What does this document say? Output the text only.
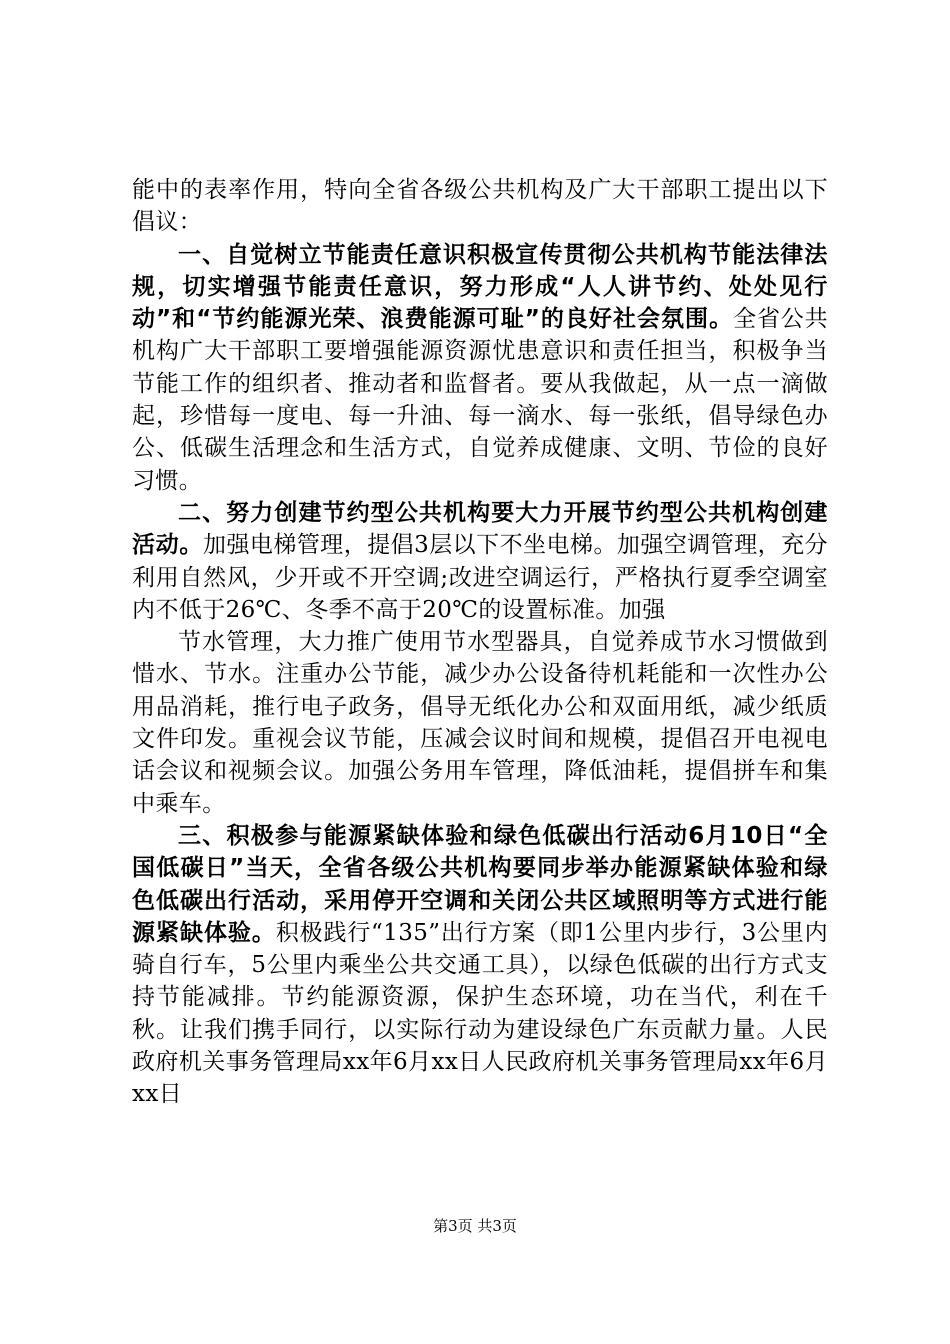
能中的表率作用，特向全省各级公共机构及广大干部职工提出以下倡议：

一、自觉树立节能责任意识积极宣传贯彻公共机构节能法律法规，切实增强节能责任意识，努力形成“人人讲节约、处处见行动”和“节约能源光荣、浪费能源可耻”的良好社会氛围。全省公共机构广大干部职工要增强能源资源忧患意识和责任担当，积极争当节能工作的组织者、推动者和监督者。要从我做起，从一点一滴做起，珍惜每一度电、每一升油、每一滴水、每一张纸，倡导绿色办公、低碳生活理念和生活方式，自觉养成健康、文明、节俭的良好习惯。

二、努力创建节约型公共机构要大力开展节约型公共机构创建活动。加强电梯管理，提倡3层以下不坐电梯。加强空调管理，充分利用自然风，少开或不开空调;改进空调运行，严格执行夏季空调室内不低于26℃、冬季不高于20℃的设置标准。加强

节水管理，大力推广使用节水型器具，自觉养成节水习惯做到惜水、节水。注重办公节能，减少办公设备待机耗能和一次性办公用品消耗，推行电子政务，倡导无纸化办公和双面用纸，减少纸质文件印发。重视会议节能，压减会议时间和规模，提倡召开电视电话会议和视频会议。加强公务用车管理，降低油耗，提倡拼车和集中乘车。

三、积极参与能源紧缺体验和绿色低碳出行活动6月10日“全国低碳日”当天，全省各级公共机构要同步举办能源紧缺体验和绿色低碳出行活动，采用停开空调和关闭公共区域照明等方式进行能源紧缺体验。积极践行“135”出行方案（即1公里内步行，3公里内骑自行车，5公里内乘坐公共交通工具），以绿色低碳的出行方式支持节能减排。节约能源资源，保护生态环境，功在当代，利在千秋。让我们携手同行，以实际行动为建设绿色广东贡献力量。人民政府机关事务管理局xx年6月xx日人民政府机关事务管理局xx年6月xx日

第3页 共3页
